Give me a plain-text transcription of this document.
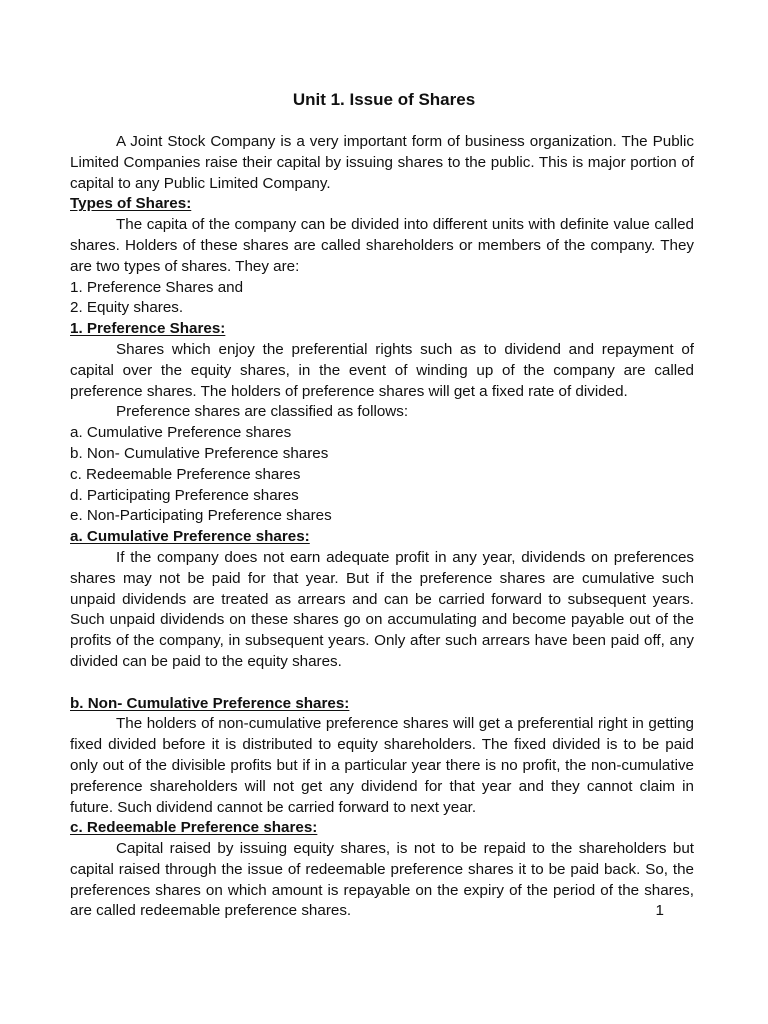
Unit 1. Issue of Shares

A Joint Stock Company is a very important form of business organization. The Public Limited Companies raise their capital by issuing shares to the public. This is major portion of capital to any Public Limited Company.

Types of Shares:

The capita of the company can be divided into different units with definite value called shares. Holders of these shares are called shareholders or members of the company. They are two types of shares. They are:

1. Preference Shares and

2. Equity shares.

1. Preference Shares:

Shares which enjoy the preferential rights such as to dividend and repayment of capital over the equity shares, in the event of winding up of the company are called preference shares. The holders of preference shares will get a fixed rate of divided.

Preference shares are classified as follows:

a. Cumulative Preference shares

b. Non- Cumulative Preference shares

c. Redeemable Preference shares

d. Participating Preference shares

e. Non-Participating Preference shares

a. Cumulative Preference shares:

If the company does not earn adequate profit in any year, dividends on preferences shares may not be paid for that year. But if the preference shares are cumulative such unpaid dividends are treated as arrears and can be carried forward to subsequent years. Such unpaid dividends on these shares go on accumulating and become payable out of the profits of the company, in subsequent years. Only after such arrears have been paid off, any divided can be paid to the equity shares.

b. Non- Cumulative Preference shares:

The holders of non-cumulative preference shares will get a preferential right in getting fixed divided before it is distributed to equity shareholders. The fixed divided is to be paid only out of the divisible profits but if in a particular year there is no profit, the non-cumulative preference shareholders will not get any dividend for that year and they cannot claim in future. Such dividend cannot be carried forward to next year.

c. Redeemable Preference shares:

Capital raised by issuing equity shares, is not to be repaid to the shareholders but capital raised through the issue of redeemable preference shares it to be paid back. So, the preferences shares on which amount is repayable on the expiry of the period of the shares, are called redeemable preference shares.	1
